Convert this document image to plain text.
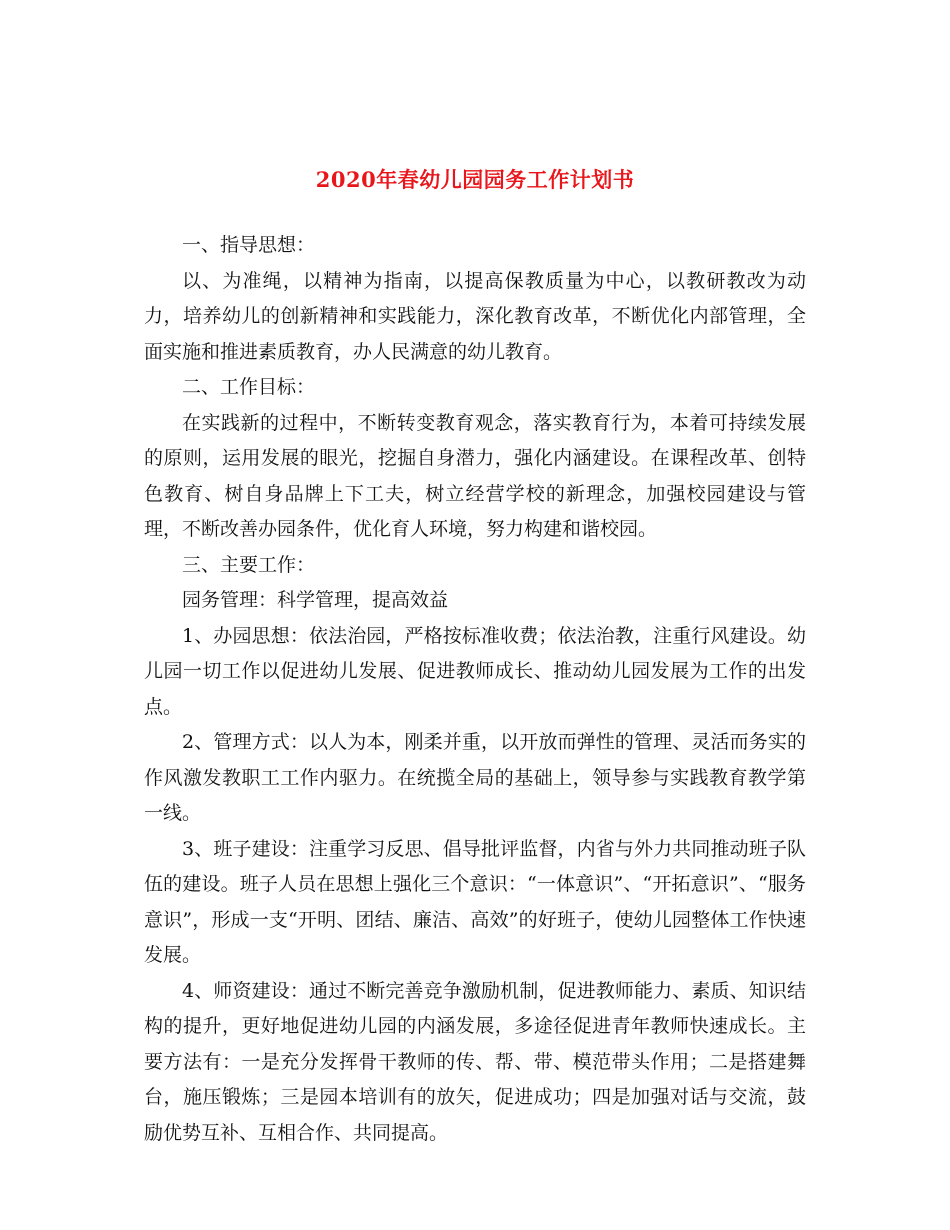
2020年春幼儿园园务工作计划书

一、指导思想：

以、为准绳，以精神为指南，以提高保教质量为中心，以教研教改为动力，培养幼儿的创新精神和实践能力，深化教育改革，不断优化内部管理，全面实施和推进素质教育，办人民满意的幼儿教育。

二、工作目标：

在实践新的过程中，不断转变教育观念，落实教育行为，本着可持续发展的原则，运用发展的眼光，挖掘自身潜力，强化内涵建设。在课程改革、创特色教育、树自身品牌上下工夫，树立经营学校的新理念，加强校园建设与管理，不断改善办园条件，优化育人环境，努力构建和谐校园。

三、主要工作：

园务管理：科学管理，提高效益

1、办园思想：依法治园，严格按标准收费；依法治教，注重行风建设。幼儿园一切工作以促进幼儿发展、促进教师成长、推动幼儿园发展为工作的出发点。

2、管理方式：以人为本，刚柔并重，以开放而弹性的管理、灵活而务实的作风激发教职工工作内驱力。在统揽全局的基础上，领导参与实践教育教学第一线。

3、班子建设：注重学习反思、倡导批评监督，内省与外力共同推动班子队伍的建设。班子人员在思想上强化三个意识：“一体意识”、“开拓意识”、“服务意识”，形成一支“开明、团结、廉洁、高效”的好班子，使幼儿园整体工作快速发展。

4、师资建设：通过不断完善竞争激励机制，促进教师能力、素质、知识结构的提升，更好地促进幼儿园的内涵发展，多途径促进青年教师快速成长。主要方法有：一是充分发挥骨干教师的传、帮、带、模范带头作用；二是搭建舞台，施压锻炼；三是园本培训有的放矢，促进成功；四是加强对话与交流，鼓励优势互补、互相合作、共同提高。
